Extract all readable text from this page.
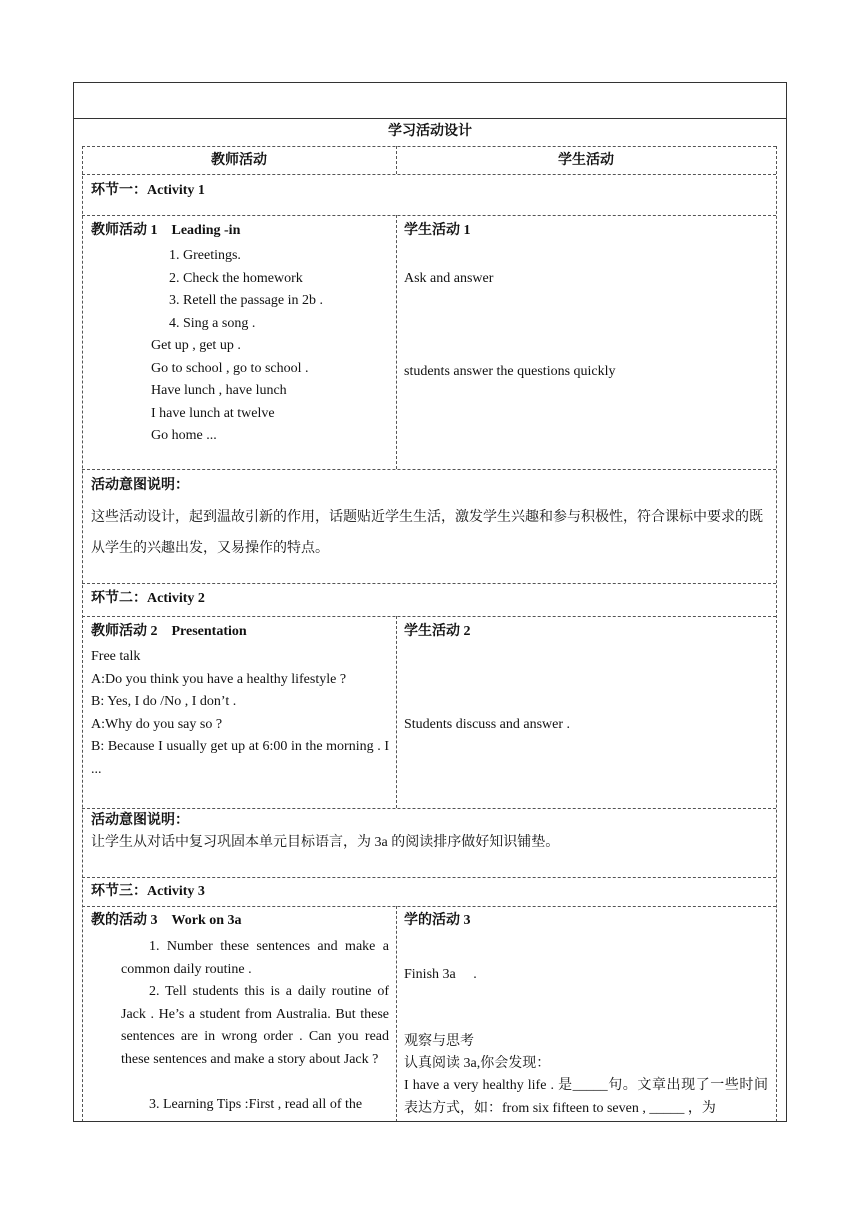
学习活动设计
教师活动	学生活动
环节一：Activity 1
教师活动 1　Leading -in
1. Greetings.
2. Check the homework
3. Retell the passage in 2b .
4. Sing a song .
Get up , get up .
Go to school , go to school .
Have lunch , have lunch
I have lunch at twelve
Go home ...
学生活动 1
Ask and answer
students answer the questions quickly
活动意图说明：
这些活动设计，起到温故引新的作用，话题贴近学生生活，激发学生兴趣和参与积极性，符合课标中要求的既从学生的兴趣出发，又易操作的特点。
环节二：Activity 2
教师活动 2　Presentation
Free talk
A:Do you think you have a healthy lifestyle ?
B: Yes, I do /No , I don’t .
A:Why do you say so ?
B: Because I usually get up at 6:00 in the morning . I ...
学生活动 2
Students discuss and answer .
活动意图说明：
让学生从对话中复习巩固本单元目标语言，为 3a 的阅读排序做好知识铺垫。
环节三：Activity 3
教的活动 3　Work on 3a
1. Number these sentences and make a common daily routine .
2. Tell students this is a daily routine of Jack . He’s a student from Australia. But these sentences are in wrong order . Can you read these sentences and make a story about Jack ?
3. Learning Tips :First , read all of the
学的活动 3
Finish 3a　 .
观察与思考
认真阅读 3a,你会发现：
I have a very healthy life . 是_____句。文章出现了一些时间表达方式，如：from six fifteen to seven , _____ ，为
